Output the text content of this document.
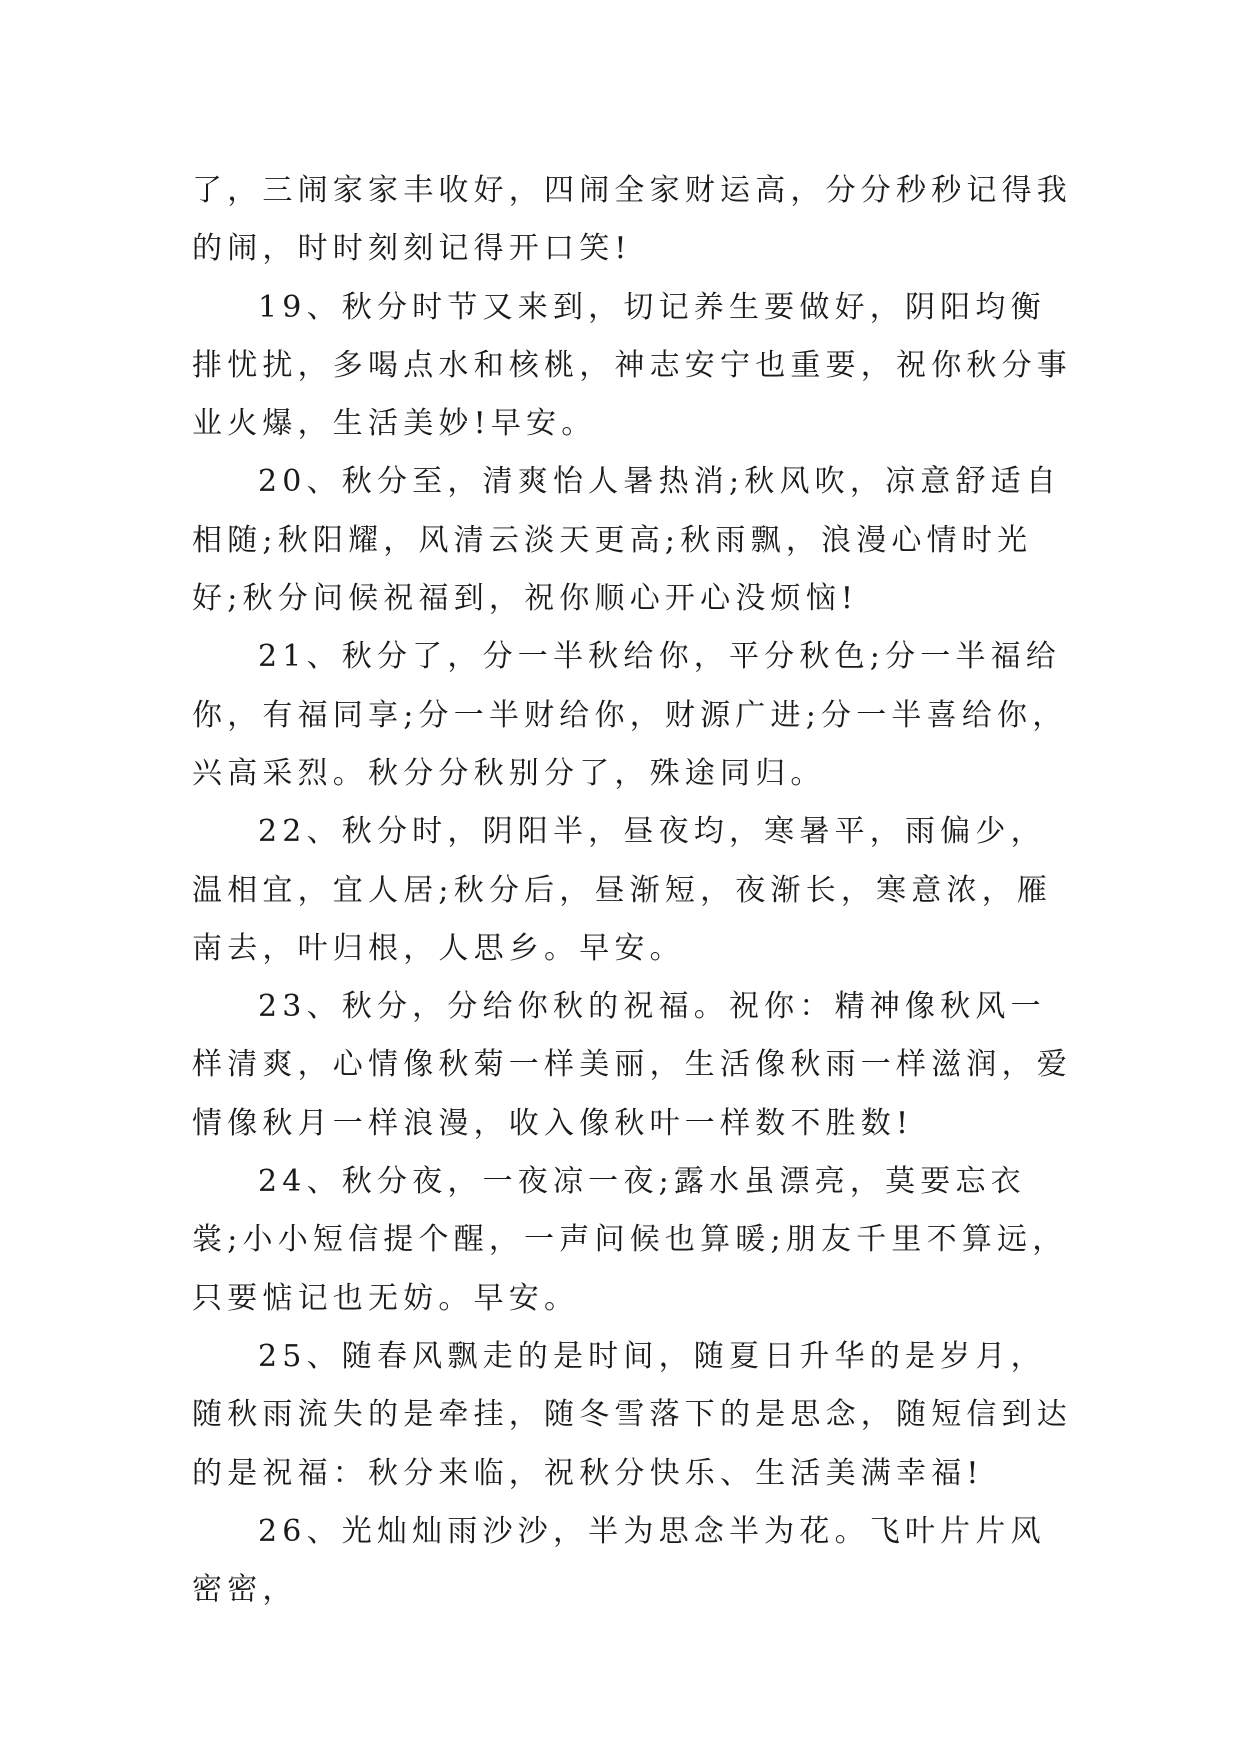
了，三闹家家丰收好，四闹全家财运高，分分秒秒记得我的闹，时时刻刻记得开口笑!

19、秋分时节又来到，切记养生要做好，阴阳均衡排忧扰，多喝点水和核桃，神志安宁也重要，祝你秋分事业火爆，生活美妙!早安。

20、秋分至，清爽怡人暑热消;秋风吹，凉意舒适自相随;秋阳耀，风清云淡天更高;秋雨飘，浪漫心情时光好;秋分问候祝福到，祝你顺心开心没烦恼!

21、秋分了，分一半秋给你，平分秋色;分一半福给你，有福同享;分一半财给你，财源广进;分一半喜给你，兴高采烈。秋分分秋别分了，殊途同归。

22、秋分时，阴阳半，昼夜均，寒暑平，雨偏少，温相宜，宜人居;秋分后，昼渐短，夜渐长，寒意浓，雁南去，叶归根，人思乡。早安。

23、秋分，分给你秋的祝福。祝你：精神像秋风一样清爽，心情像秋菊一样美丽，生活像秋雨一样滋润，爱情像秋月一样浪漫，收入像秋叶一样数不胜数!

24、秋分夜，一夜凉一夜;露水虽漂亮，莫要忘衣裳;小小短信提个醒，一声问候也算暖;朋友千里不算远，只要惦记也无妨。早安。

25、随春风飘走的是时间，随夏日升华的是岁月，随秋雨流失的是牵挂，随冬雪落下的是思念，随短信到达的是祝福：秋分来临，祝秋分快乐、生活美满幸福!

26、光灿灿雨沙沙，半为思念半为花。飞叶片片风密密，
